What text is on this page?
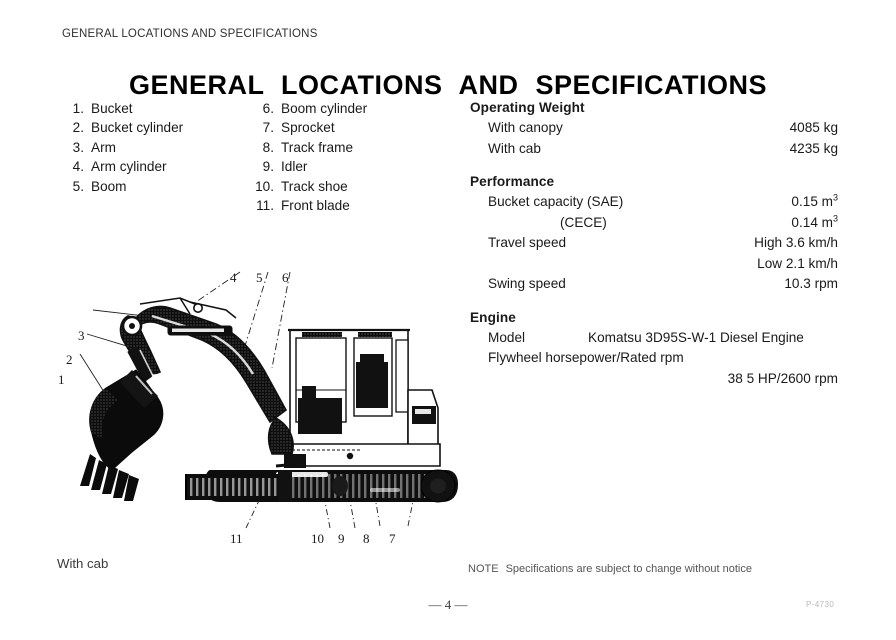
GENERAL LOCATIONS AND SPECIFICATIONS
GENERAL LOCATIONS AND SPECIFICATIONS
1. Bucket
2. Bucket cylinder
3. Arm
4. Arm cylinder
5. Boom
6. Boom cylinder
7. Sprocket
8. Track frame
9. Idler
10. Track shoe
11. Front blade
Operating Weight
With canopy	4085 kg
With cab	4235 kg
Performance
Bucket capacity (SAE)	0.15 $m^3$
(CECE)	0.14 $m^3$
Travel speed	High 3.6 km/h
Low 2.1 km/h
Swing speed	10.3 rpm
Engine
Model	Komatsu 3D95S-W-1 Diesel Engine
Flywheel horsepower/Rated rpm
38 5 HP/2600 rpm
4 5 6
3
2
1
11	10 9 8 7
With cab	NOTE Specifications are subject to change without notice
— 4 —	P-4730
